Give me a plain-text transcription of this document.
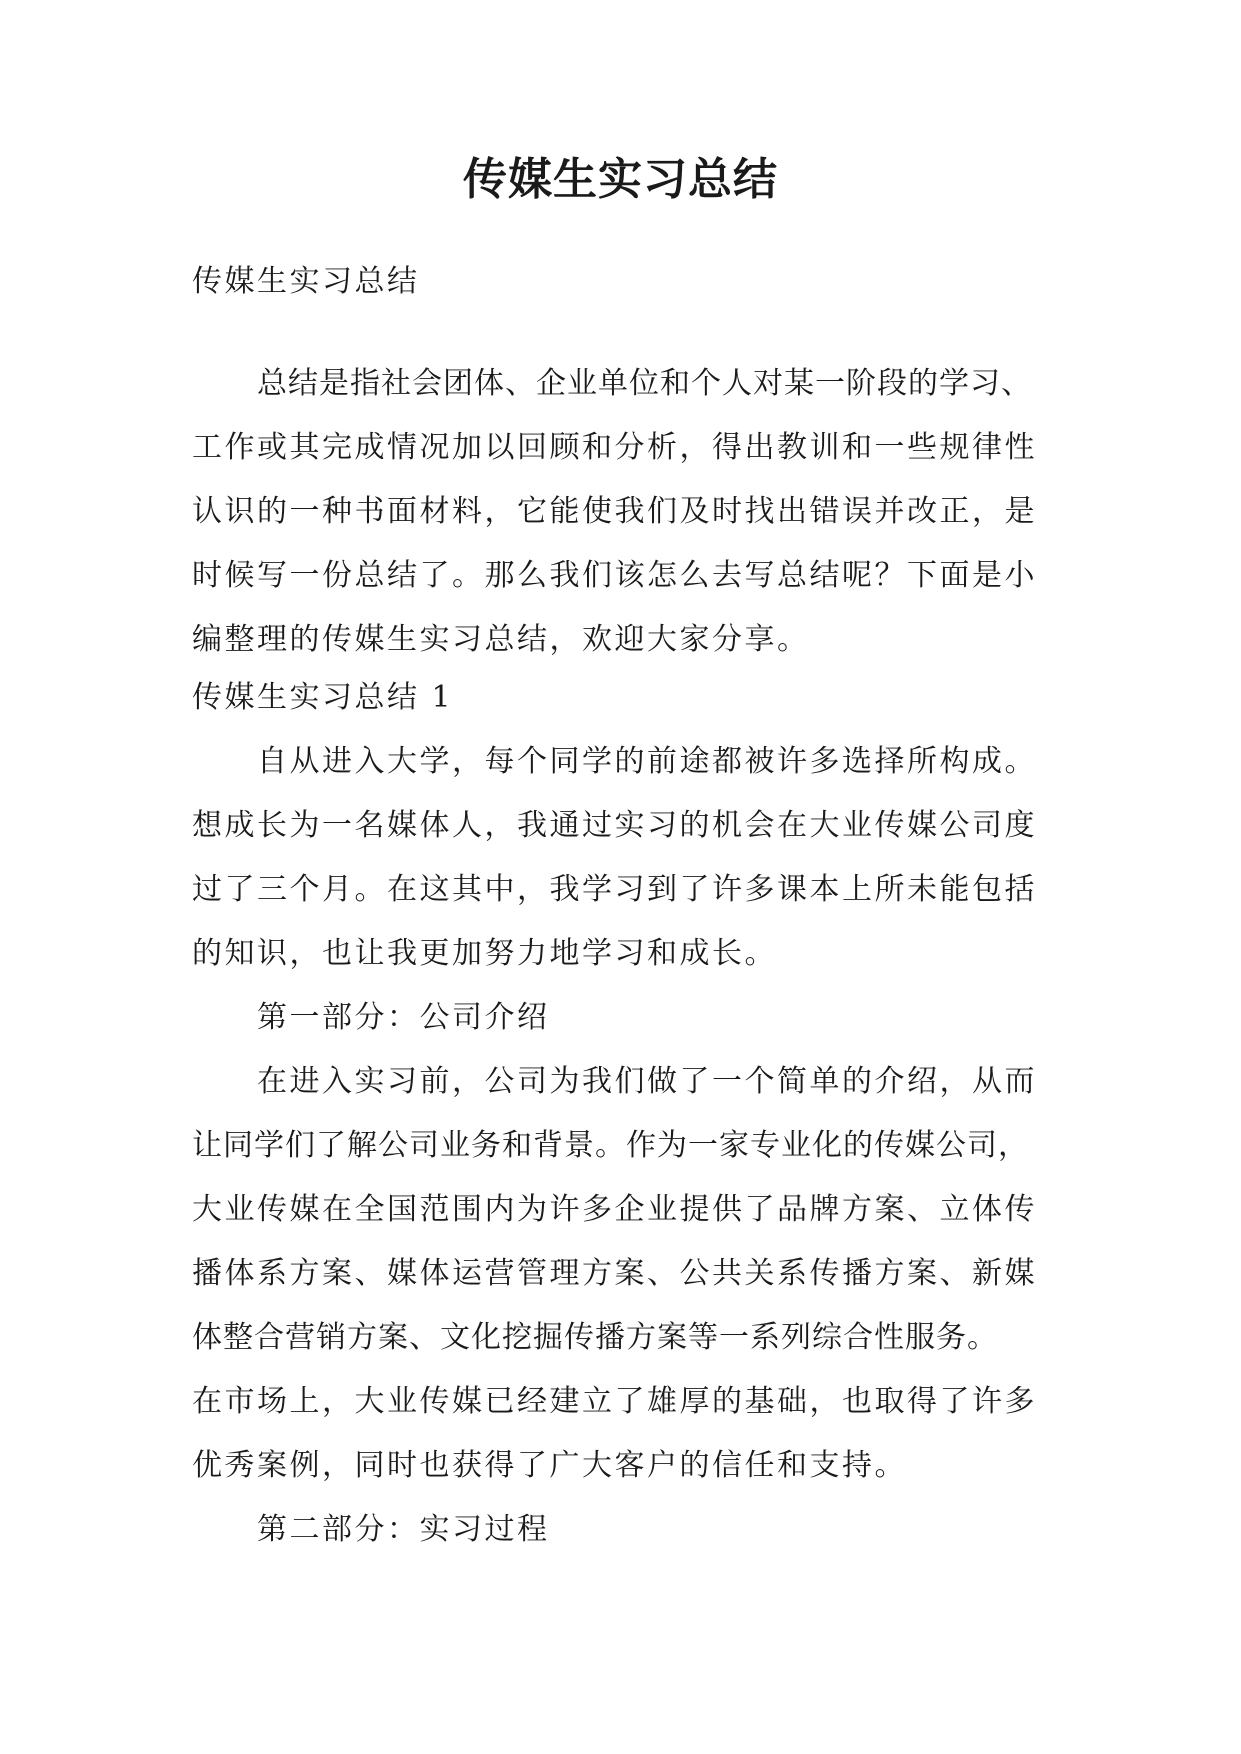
传媒生实习总结
传媒生实习总结
总结是指社会团体、企业单位和个人对某一阶段的学习、
工作或其完成情况加以回顾和分析，得出教训和一些规律性
认识的一种书面材料，它能使我们及时找出错误并改正，是
时候写一份总结了。那么我们该怎么去写总结呢？下面是小
编整理的传媒生实习总结，欢迎大家分享。
传媒生实习总结 1
自从进入大学，每个同学的前途都被许多选择所构成。
想成长为一名媒体人，我通过实习的机会在大业传媒公司度
过了三个月。在这其中，我学习到了许多课本上所未能包括
的知识，也让我更加努力地学习和成长。
第一部分：公司介绍
在进入实习前，公司为我们做了一个简单的介绍，从而
让同学们了解公司业务和背景。作为一家专业化的传媒公司，
大业传媒在全国范围内为许多企业提供了品牌方案、立体传
播体系方案、媒体运营管理方案、公共关系传播方案、新媒
体整合营销方案、文化挖掘传播方案等一系列综合性服务。
在市场上，大业传媒已经建立了雄厚的基础，也取得了许多
优秀案例，同时也获得了广大客户的信任和支持。
第二部分：实习过程
